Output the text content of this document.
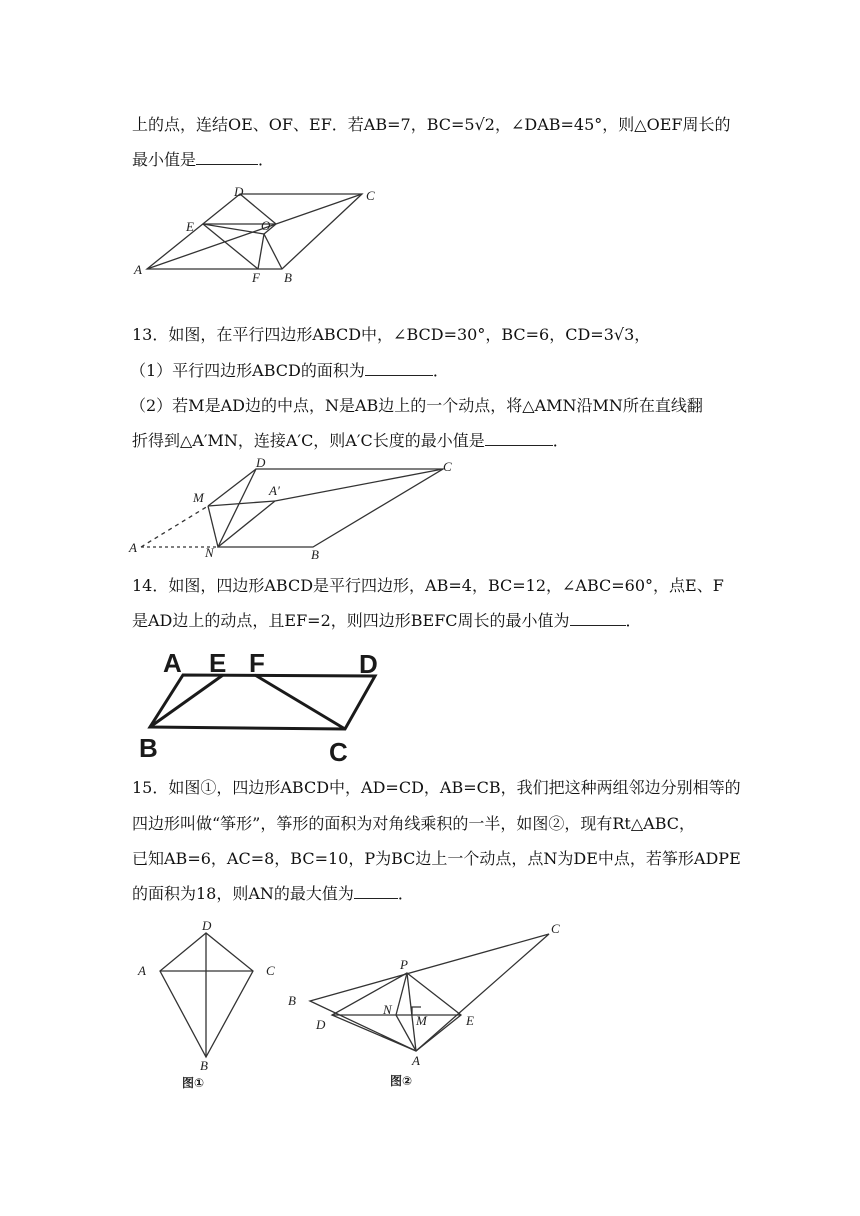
上的点，连结OE、OF、EF．若AB=7，BC=5√2，∠DAB=45°，则△OEF周长的
最小值是	．
D	C
E	O
A
F B
13．如图，在平行四边形ABCD中，∠BCD=30°，BC=6，CD=3√3，
（1）平行四边形ABCD的面积为	．
（2）若M是AD边的中点，N是AB边上的一个动点，将△AMN沿MN所在直线翻
折得到△A′MN，连接A′C，则A′C长度的最小值是	．
D	C
M	A′
A	N	B
14．如图，四边形ABCD是平行四边形，AB=4，BC=12，∠ABC=60°，点E、F
是AD边上的动点，且EF=2，则四边形BEFC周长的最小值为	．
A E F	D
B	C
15．如图①，四边形ABCD中，AD=CD，AB=CB，我们把这种两组邻边分别相等的
四边形叫做“筝形”，筝形的面积为对角线乘积的一半，如图②，现有Rt△ABC，
已知AB=6，AC=8，BC=10，P为BC边上一个动点，点N为DE中点，若筝形ADPE
的面积为18，则AN的最大值为	．
D
A	C
B
图①
C
P
B
N
M
D	E
A
图②
